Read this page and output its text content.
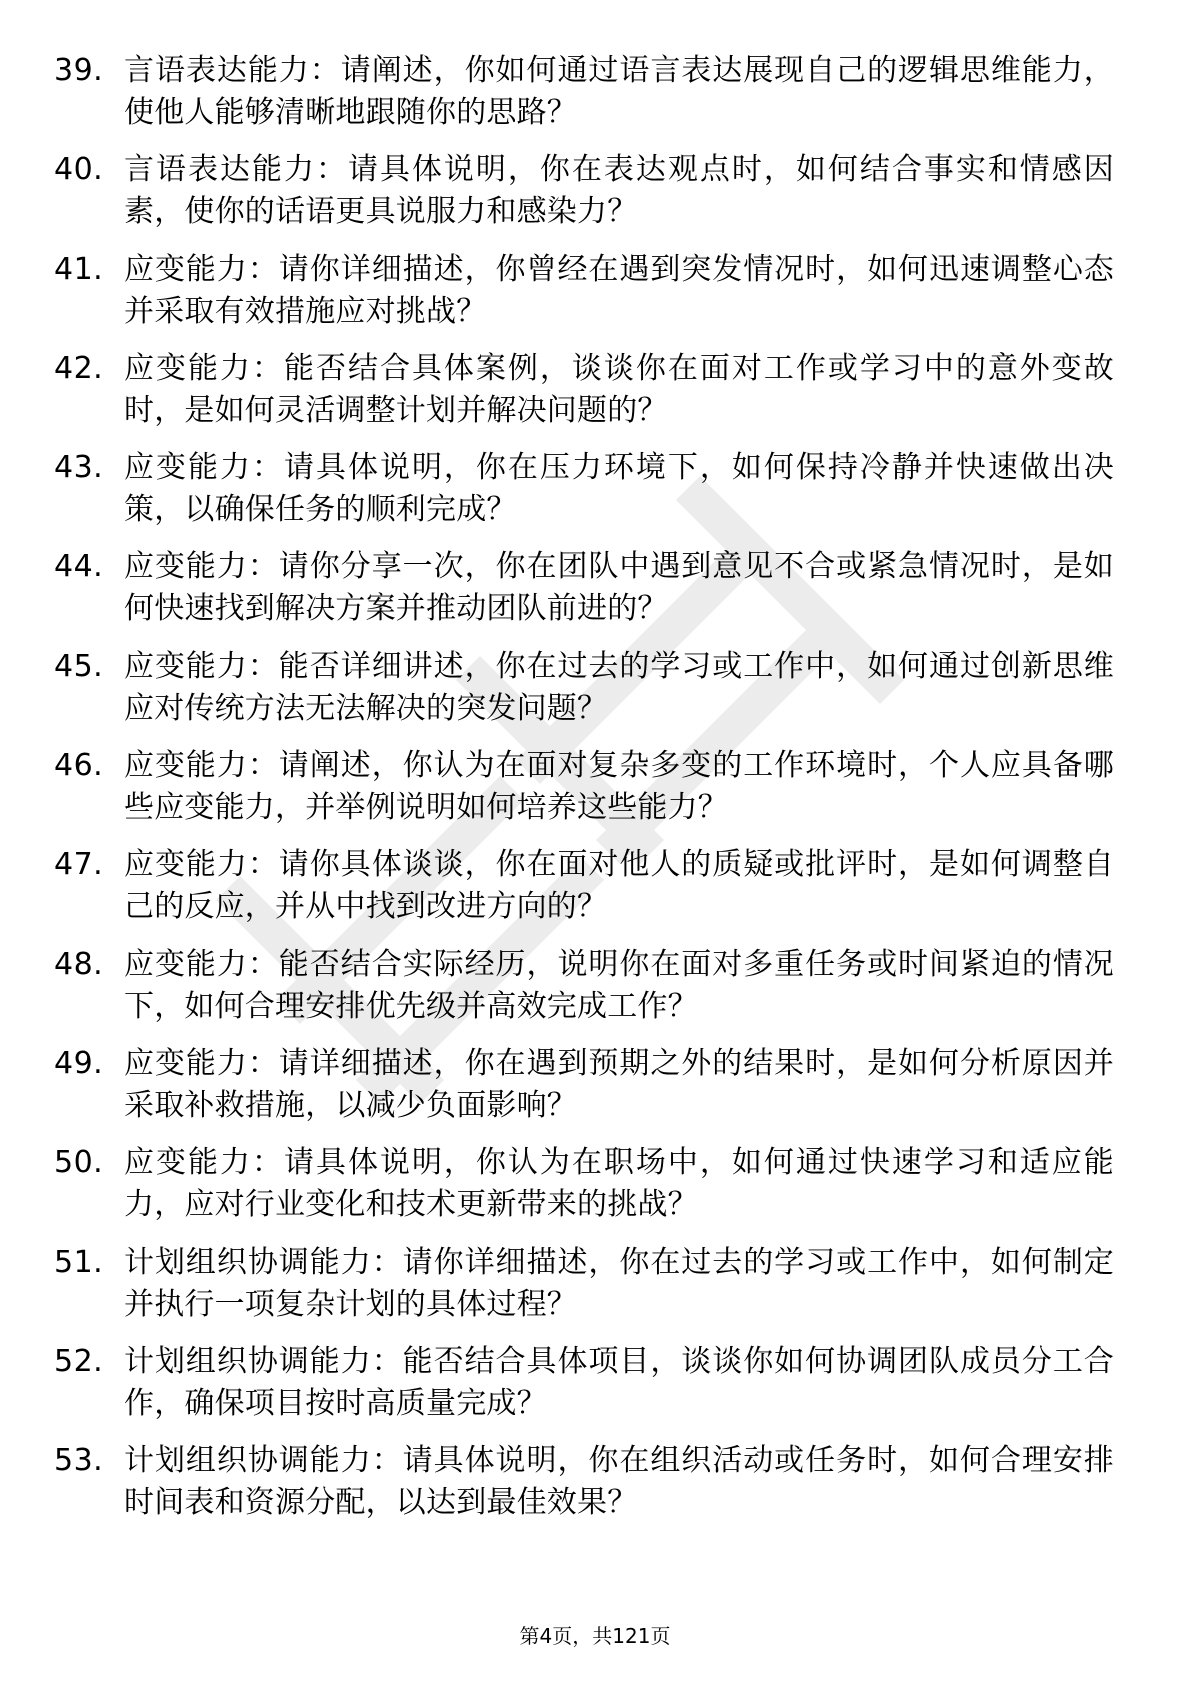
39. 言语表达能力：请阐述，你如何通过语言表达展现自己的逻辑思维能力，使他人能够清晰地跟随你的思路？
40. 言语表达能力：请具体说明，你在表达观点时，如何结合事实和情感因素，使你的话语更具说服力和感染力？
41. 应变能力：请你详细描述，你曾经在遇到突发情况时，如何迅速调整心态并采取有效措施应对挑战？
42. 应变能力：能否结合具体案例，谈谈你在面对工作或学习中的意外变故时，是如何灵活调整计划并解决问题的？
43. 应变能力：请具体说明，你在压力环境下，如何保持冷静并快速做出决策，以确保任务的顺利完成？
44. 应变能力：请你分享一次，你在团队中遇到意见不合或紧急情况时，是如何快速找到解决方案并推动团队前进的？
45. 应变能力：能否详细讲述，你在过去的学习或工作中，如何通过创新思维应对传统方法无法解决的突发问题？
46. 应变能力：请阐述，你认为在面对复杂多变的工作环境时，个人应具备哪些应变能力，并举例说明如何培养这些能力？
47. 应变能力：请你具体谈谈，你在面对他人的质疑或批评时，是如何调整自己的反应，并从中找到改进方向的？
48. 应变能力：能否结合实际经历，说明你在面对多重任务或时间紧迫的情况下，如何合理安排优先级并高效完成工作？
49. 应变能力：请详细描述，你在遇到预期之外的结果时，是如何分析原因并采取补救措施，以减少负面影响？
50. 应变能力：请具体说明，你认为在职场中，如何通过快速学习和适应能力，应对行业变化和技术更新带来的挑战？
51. 计划组织协调能力：请你详细描述，你在过去的学习或工作中，如何制定并执行一项复杂计划的具体过程？
52. 计划组织协调能力：能否结合具体项目，谈谈你如何协调团队成员分工合作，确保项目按时高质量完成？
53. 计划组织协调能力：请具体说明，你在组织活动或任务时，如何合理安排时间表和资源分配，以达到最佳效果？
第4页，共121页
